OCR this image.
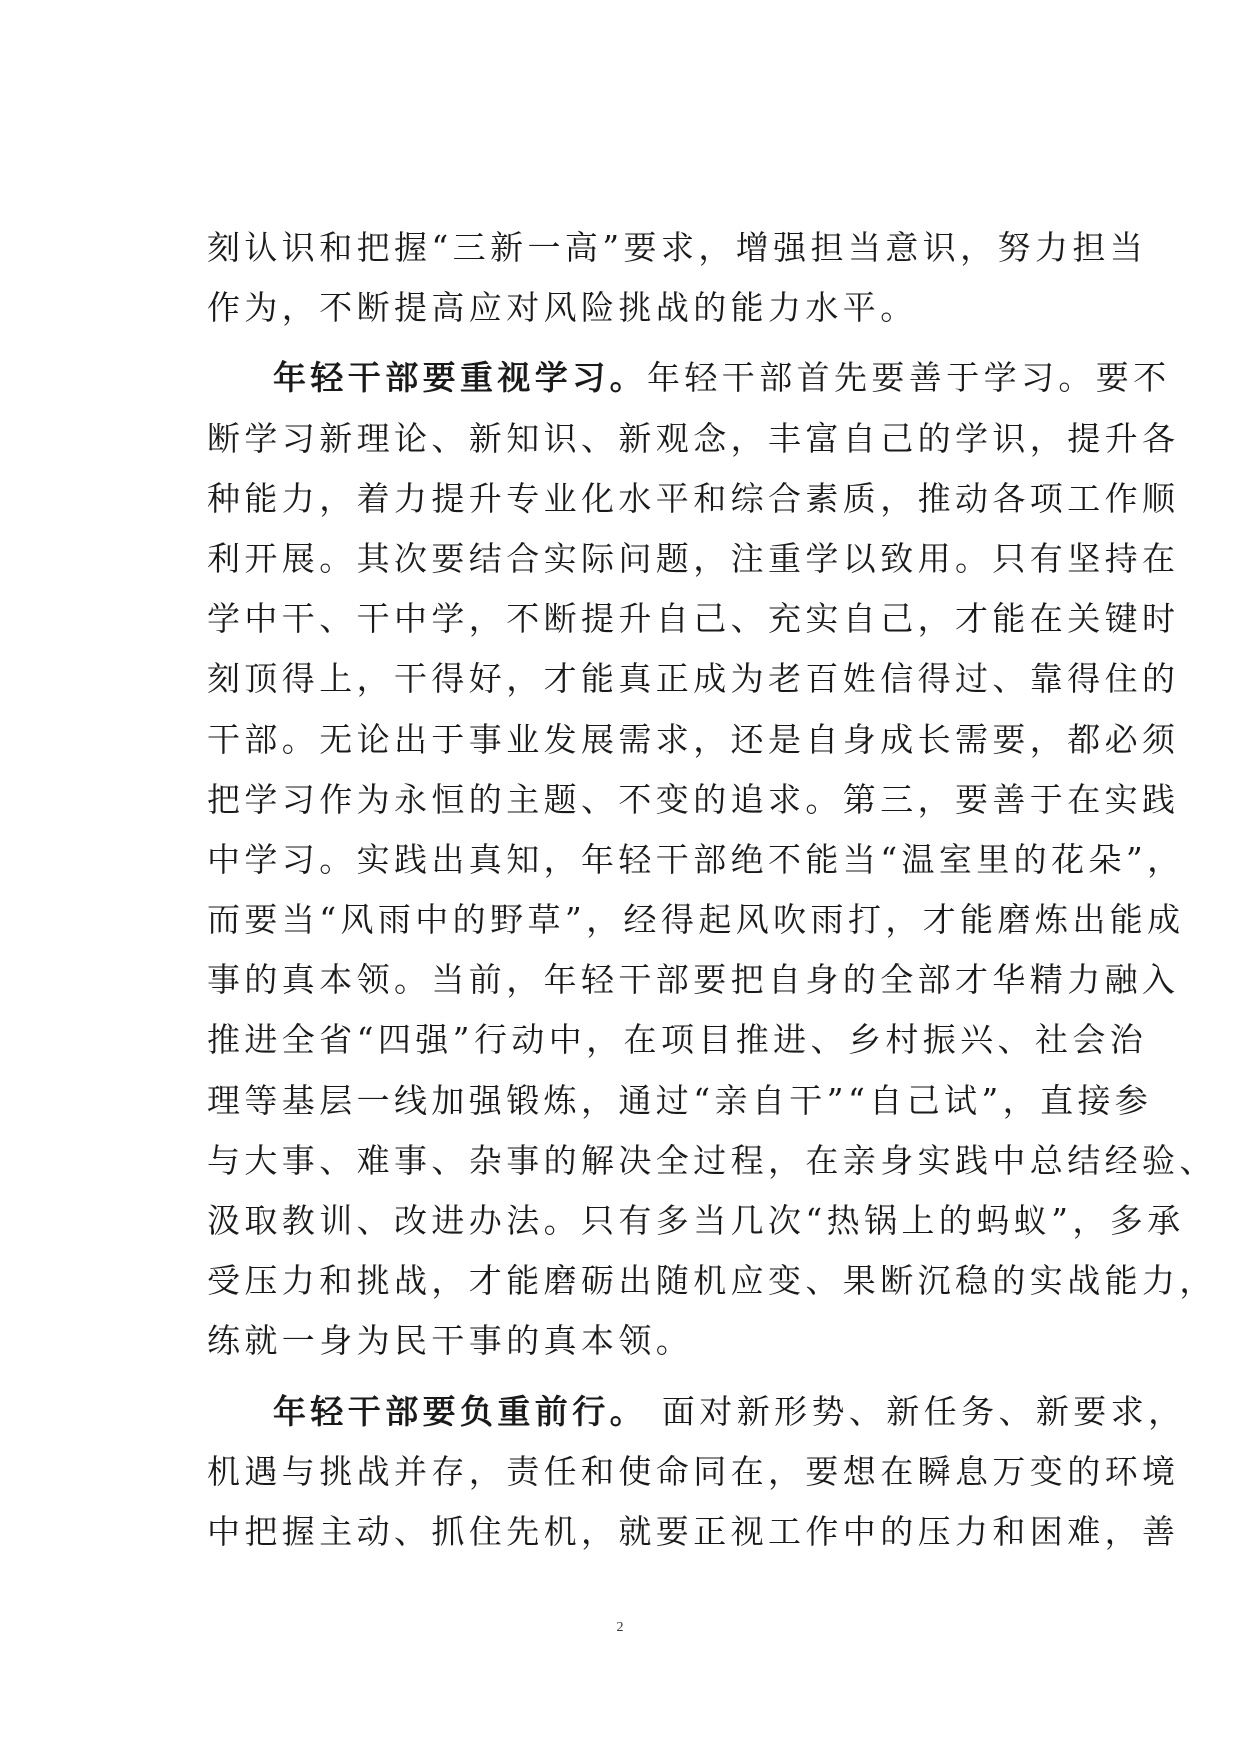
刻认识和把握“三新一高”要求，增强担当意识，努力担当
作为，不断提高应对风险挑战的能力水平。
年轻干部要重视学习。年轻干部首先要善于学习。要不
断学习新理论、新知识、新观念，丰富自己的学识，提升各
种能力，着力提升专业化水平和综合素质，推动各项工作顺
利开展。其次要结合实际问题，注重学以致用。只有坚持在
学中干、干中学，不断提升自己、充实自己，才能在关键时
刻顶得上，干得好，才能真正成为老百姓信得过、靠得住的
干部。无论出于事业发展需求，还是自身成长需要，都必须
把学习作为永恒的主题、不变的追求。第三，要善于在实践
中学习。实践出真知，年轻干部绝不能当“温室里的花朵”，
而要当“风雨中的野草”，经得起风吹雨打，才能磨炼出能成
事的真本领。当前，年轻干部要把自身的全部才华精力融入
推进全省“四强”行动中，在项目推进、乡村振兴、社会治
理等基层一线加强锻炼，通过“亲自干”“自己试”，直接参
与大事、难事、杂事的解决全过程，在亲身实践中总结经验、
汲取教训、改进办法。只有多当几次“热锅上的蚂蚁”，多承
受压力和挑战，才能磨砺出随机应变、果断沉稳的实战能力，
练就一身为民干事的真本领。
年轻干部要负重前行。 面对新形势、新任务、新要求，
机遇与挑战并存，责任和使命同在，要想在瞬息万变的环境
中把握主动、抓住先机，就要正视工作中的压力和困难，善
2
